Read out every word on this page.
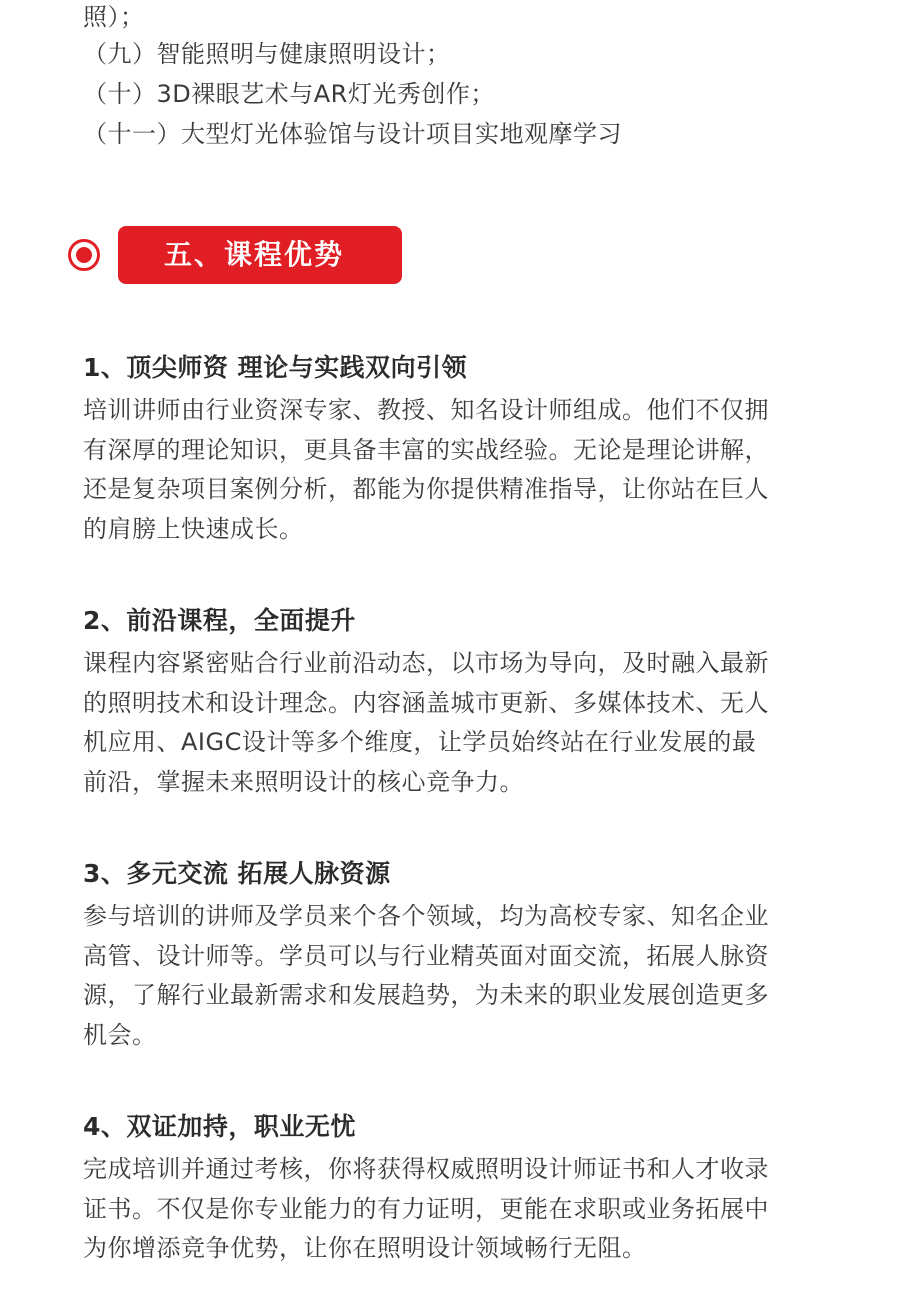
照）；
（九）智能照明与健康照明设计；
（十）3D裸眼艺术与AR灯光秀创作；
（十一）大型灯光体验馆与设计项目实地观摩学习
五、课程优势
1、顶尖师资 理论与实践双向引领

培训讲师由行业资深专家、教授、知名设计师组成。他们不仅拥
有深厚的理论知识，更具备丰富的实战经验。无论是理论讲解，
还是复杂项目案例分析，都能为你提供精准指导，让你站在巨人
的肩膀上快速成长。

2、前沿课程，全面提升

课程内容紧密贴合行业前沿动态，以市场为导向，及时融入最新
的照明技术和设计理念。内容涵盖城市更新、多媒体技术、无人
机应用、AIGC设计等多个维度，让学员始终站在行业发展的最
前沿，掌握未来照明设计的核心竞争力。

3、多元交流 拓展人脉资源

参与培训的讲师及学员来个各个领域，均为高校专家、知名企业
高管、设计师等。学员可以与行业精英面对面交流，拓展人脉资
源，了解行业最新需求和发展趋势，为未来的职业发展创造更多
机会。

4、双证加持，职业无忧

完成培训并通过考核，你将获得权威照明设计师证书和人才收录
证书。不仅是你专业能力的有力证明，更能在求职或业务拓展中
为你增添竞争优势，让你在照明设计领域畅行无阻。
